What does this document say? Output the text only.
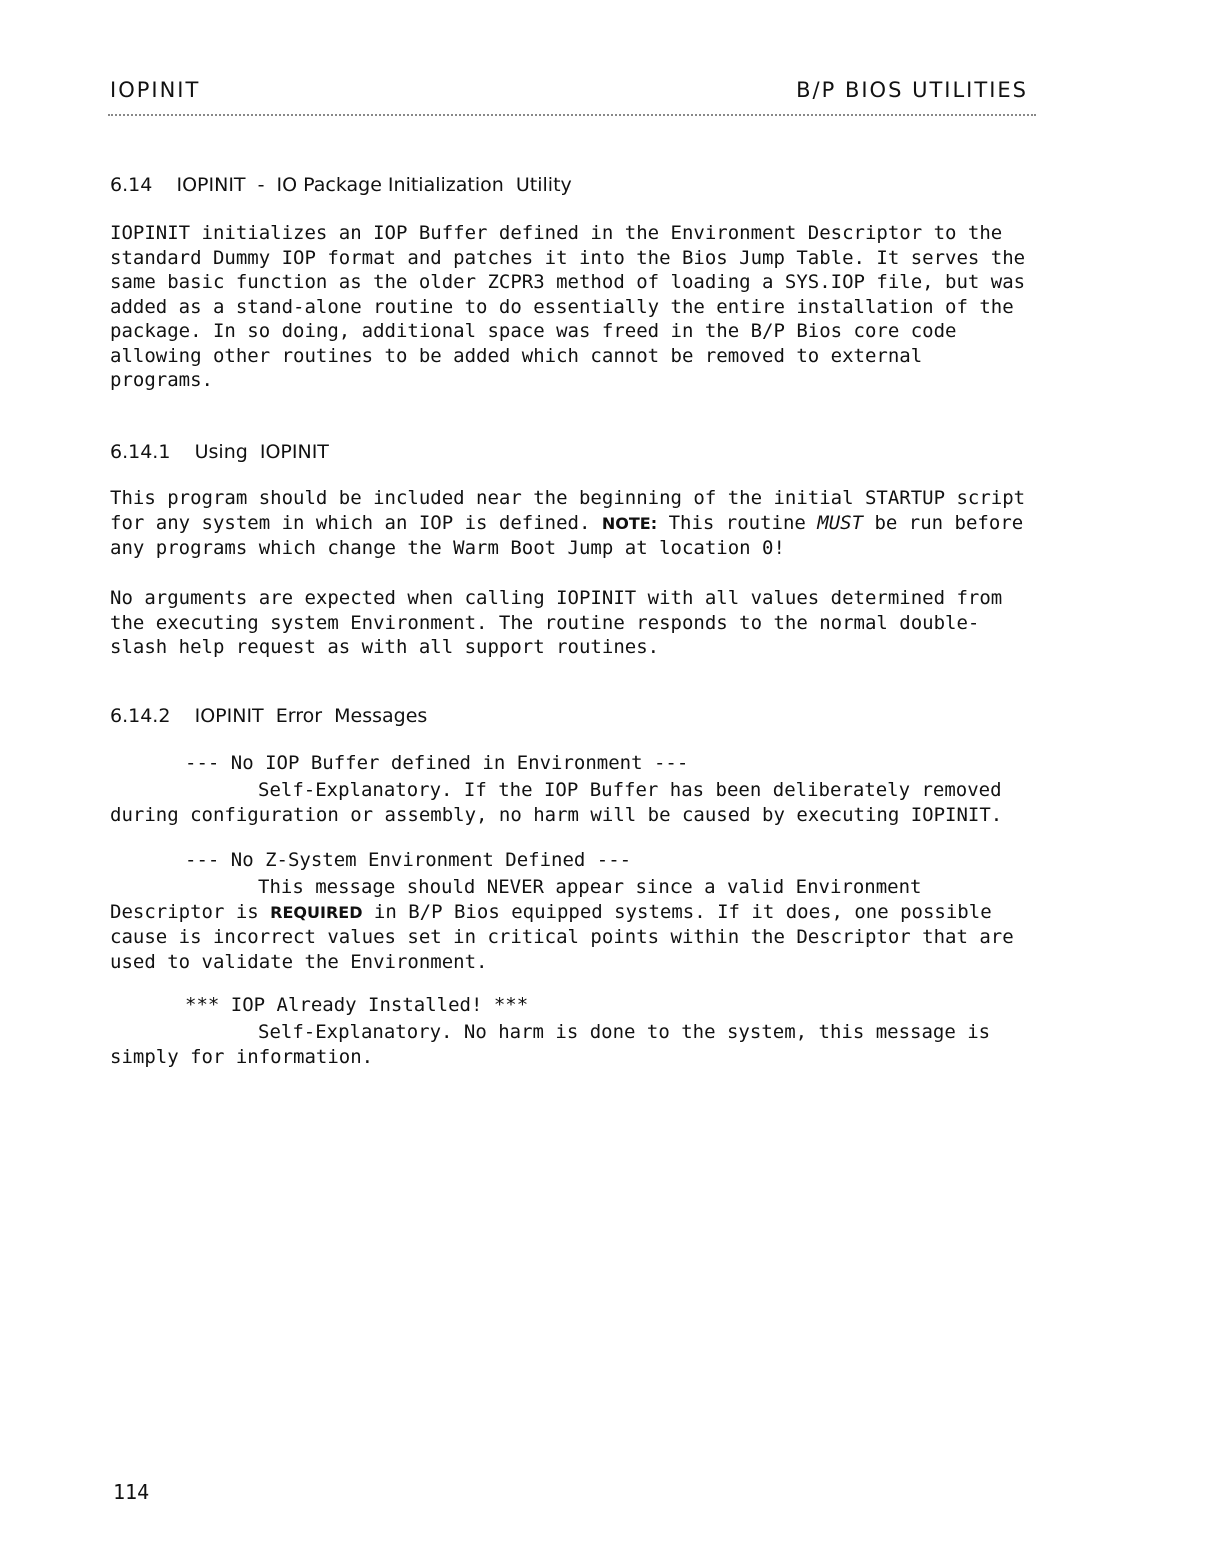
IOPINIT	B/P BIOS UTILITIES
6.14 IOPINIT  -  IO Package Initialization  Utility

IOPINIT initializes an IOP Buffer defined in the Environment Descriptor to the standard Dummy IOP format and patches it into the Bios Jump Table. It serves the same basic function as the older ZCPR3 method of loading a SYS.IOP file, but was added as a stand-alone routine to do essentially the entire installation of the package. In so doing, additional space was freed in the B/P Bios core code allowing other routines to be added which cannot be removed to external programs.

6.14.1 Using  IOPINIT

This program should be included near the beginning of the initial STARTUP script for any system in which an IOP is defined. NOTE: This routine MUST be run before any programs which change the Warm Boot Jump at location 0!

No arguments are expected when calling IOPINIT with all values determined from the executing system Environment. The routine responds to the normal double-slash help request as with all support routines.

6.14.2 IOPINIT  Error  Messages
--- No IOP Buffer defined in Environment ---
Self-Explanatory. If the IOP Buffer has been deliberately removed during configuration or assembly, no harm will be caused by executing IOPINIT.
--- No Z-System Environment Defined ---
This message should NEVER appear since a valid Environment Descriptor is REQUIRED in B/P Bios equipped systems. If it does, one possible cause is incorrect values set in critical points within the Descriptor that are used to validate the Environment.
*** IOP Already Installed! ***
Self-Explanatory. No harm is done to the system, this message is simply for information.
114
